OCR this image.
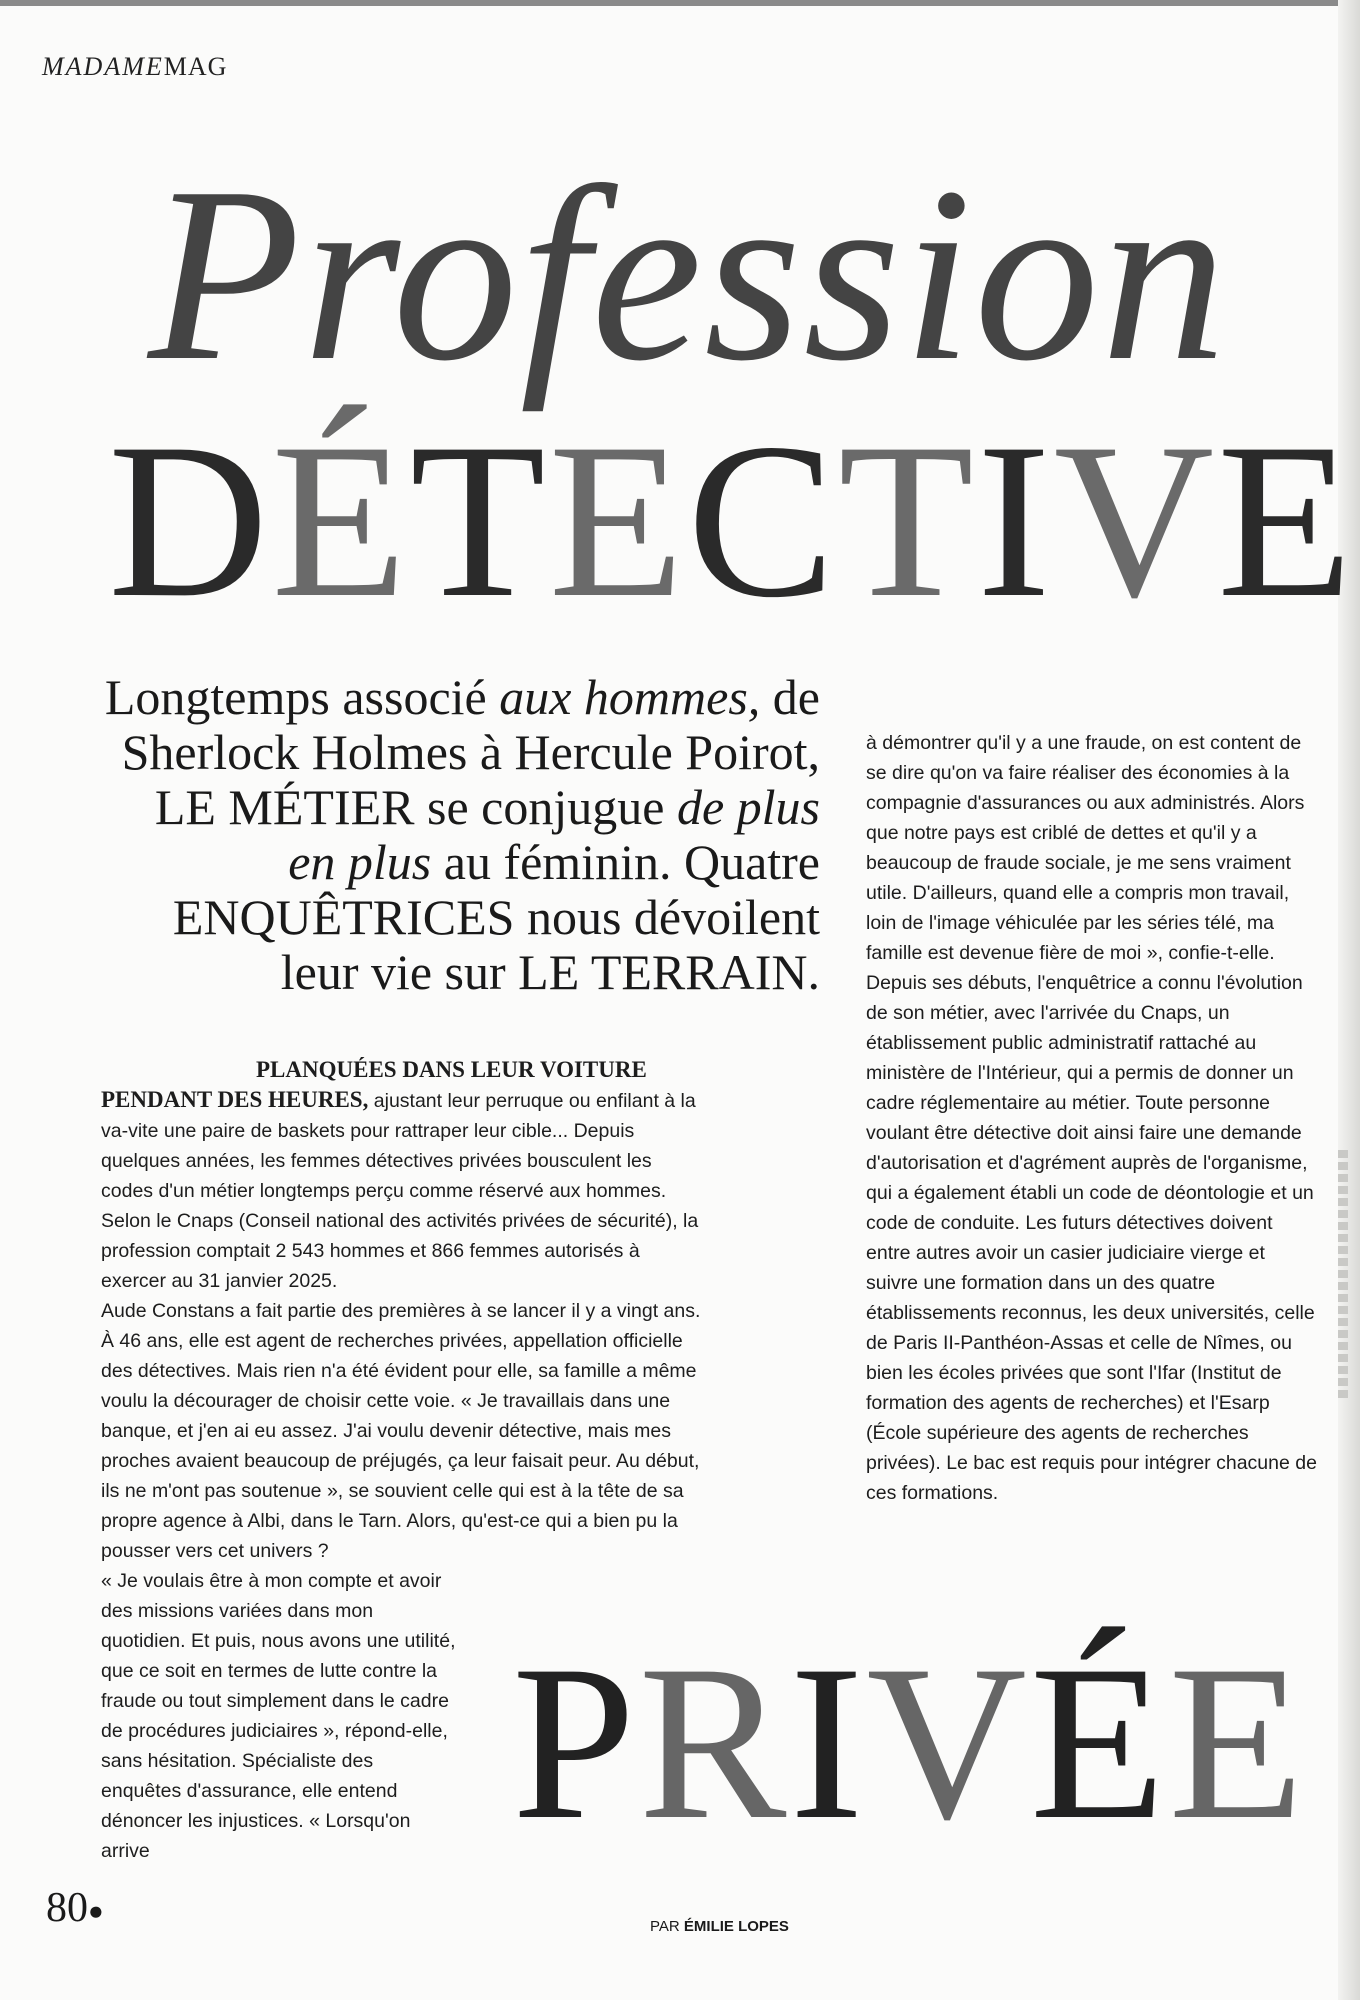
MADAMEMAG
Profession
DÉTECTIVE
Longtemps associé aux hommes, de Sherlock Holmes à Hercule Poirot, LE MÉTIER se conjugue de plus en plus au féminin. Quatre ENQUÊTRICES nous dévoilent leur vie sur LE TERRAIN.

PLANQUÉES DANS LEUR VOITURE
PENDANT DES HEURES, ajustant leur perruque ou enfilant à la va-vite une paire de baskets pour rattraper leur cible... Depuis quelques années, les femmes détectives privées bousculent les codes d'un métier longtemps perçu comme réservé aux hommes. Selon le Cnaps (Conseil national des activités privées de sécurité), la profession comptait 2 543 hommes et 866 femmes autorisés à exercer au 31 janvier 2025.

Aude Constans a fait partie des premières à se lancer il y a vingt ans. À 46 ans, elle est agent de recherches privées, appellation officielle des détectives. Mais rien n'a été évident pour elle, sa famille a même voulu la décourager de choisir cette voie. « Je travaillais dans une banque, et j'en ai eu assez. J'ai voulu devenir détective, mais mes proches avaient beaucoup de préjugés, ça leur faisait peur. Au début, ils ne m'ont pas soutenue », se souvient celle qui est à la tête de sa propre agence à Albi, dans le Tarn. Alors, qu'est-ce qui a bien pu la pousser vers cet univers ?

« Je voulais être à mon compte et avoir des missions variées dans mon quotidien. Et puis, nous avons une utilité, que ce soit en termes de lutte contre la fraude ou tout simplement dans le cadre de procédures judiciaires », répond-elle, sans hésitation. Spécialiste des enquêtes d'assurance, elle entend dénoncer les injustices. « Lorsqu'on arrive

à démontrer qu'il y a une fraude, on est content de se dire qu'on va faire réaliser des économies à la compagnie d'assurances ou aux administrés. Alors que notre pays est criblé de dettes et qu'il y a beaucoup de fraude sociale, je me sens vraiment utile. D'ailleurs, quand elle a compris mon travail, loin de l'image véhiculée par les séries télé, ma famille est devenue fière de moi », confie-t-elle. Depuis ses débuts, l'enquêtrice a connu l'évolution de son métier, avec l'arrivée du Cnaps, un établissement public administratif rattaché au ministère de l'Intérieur, qui a permis de donner un cadre réglementaire au métier. Toute personne voulant être détective doit ainsi faire une demande d'autorisation et d'agrément auprès de l'organisme, qui a également établi un code de déontologie et un code de conduite. Les futurs détectives doivent entre autres avoir un casier judiciaire vierge et suivre une formation dans un des quatre établissements reconnus, les deux universités, celle de Paris II-Panthéon-Assas et celle de Nîmes, ou bien les écoles privées que sont l'Ifar (Institut de formation des agents de recherches) et l'Esarp (École supérieure des agents de recherches privées). Le bac est requis pour intégrer chacune de ces formations.

PRIVÉE
80●
PAR ÉMILIE LOPES
